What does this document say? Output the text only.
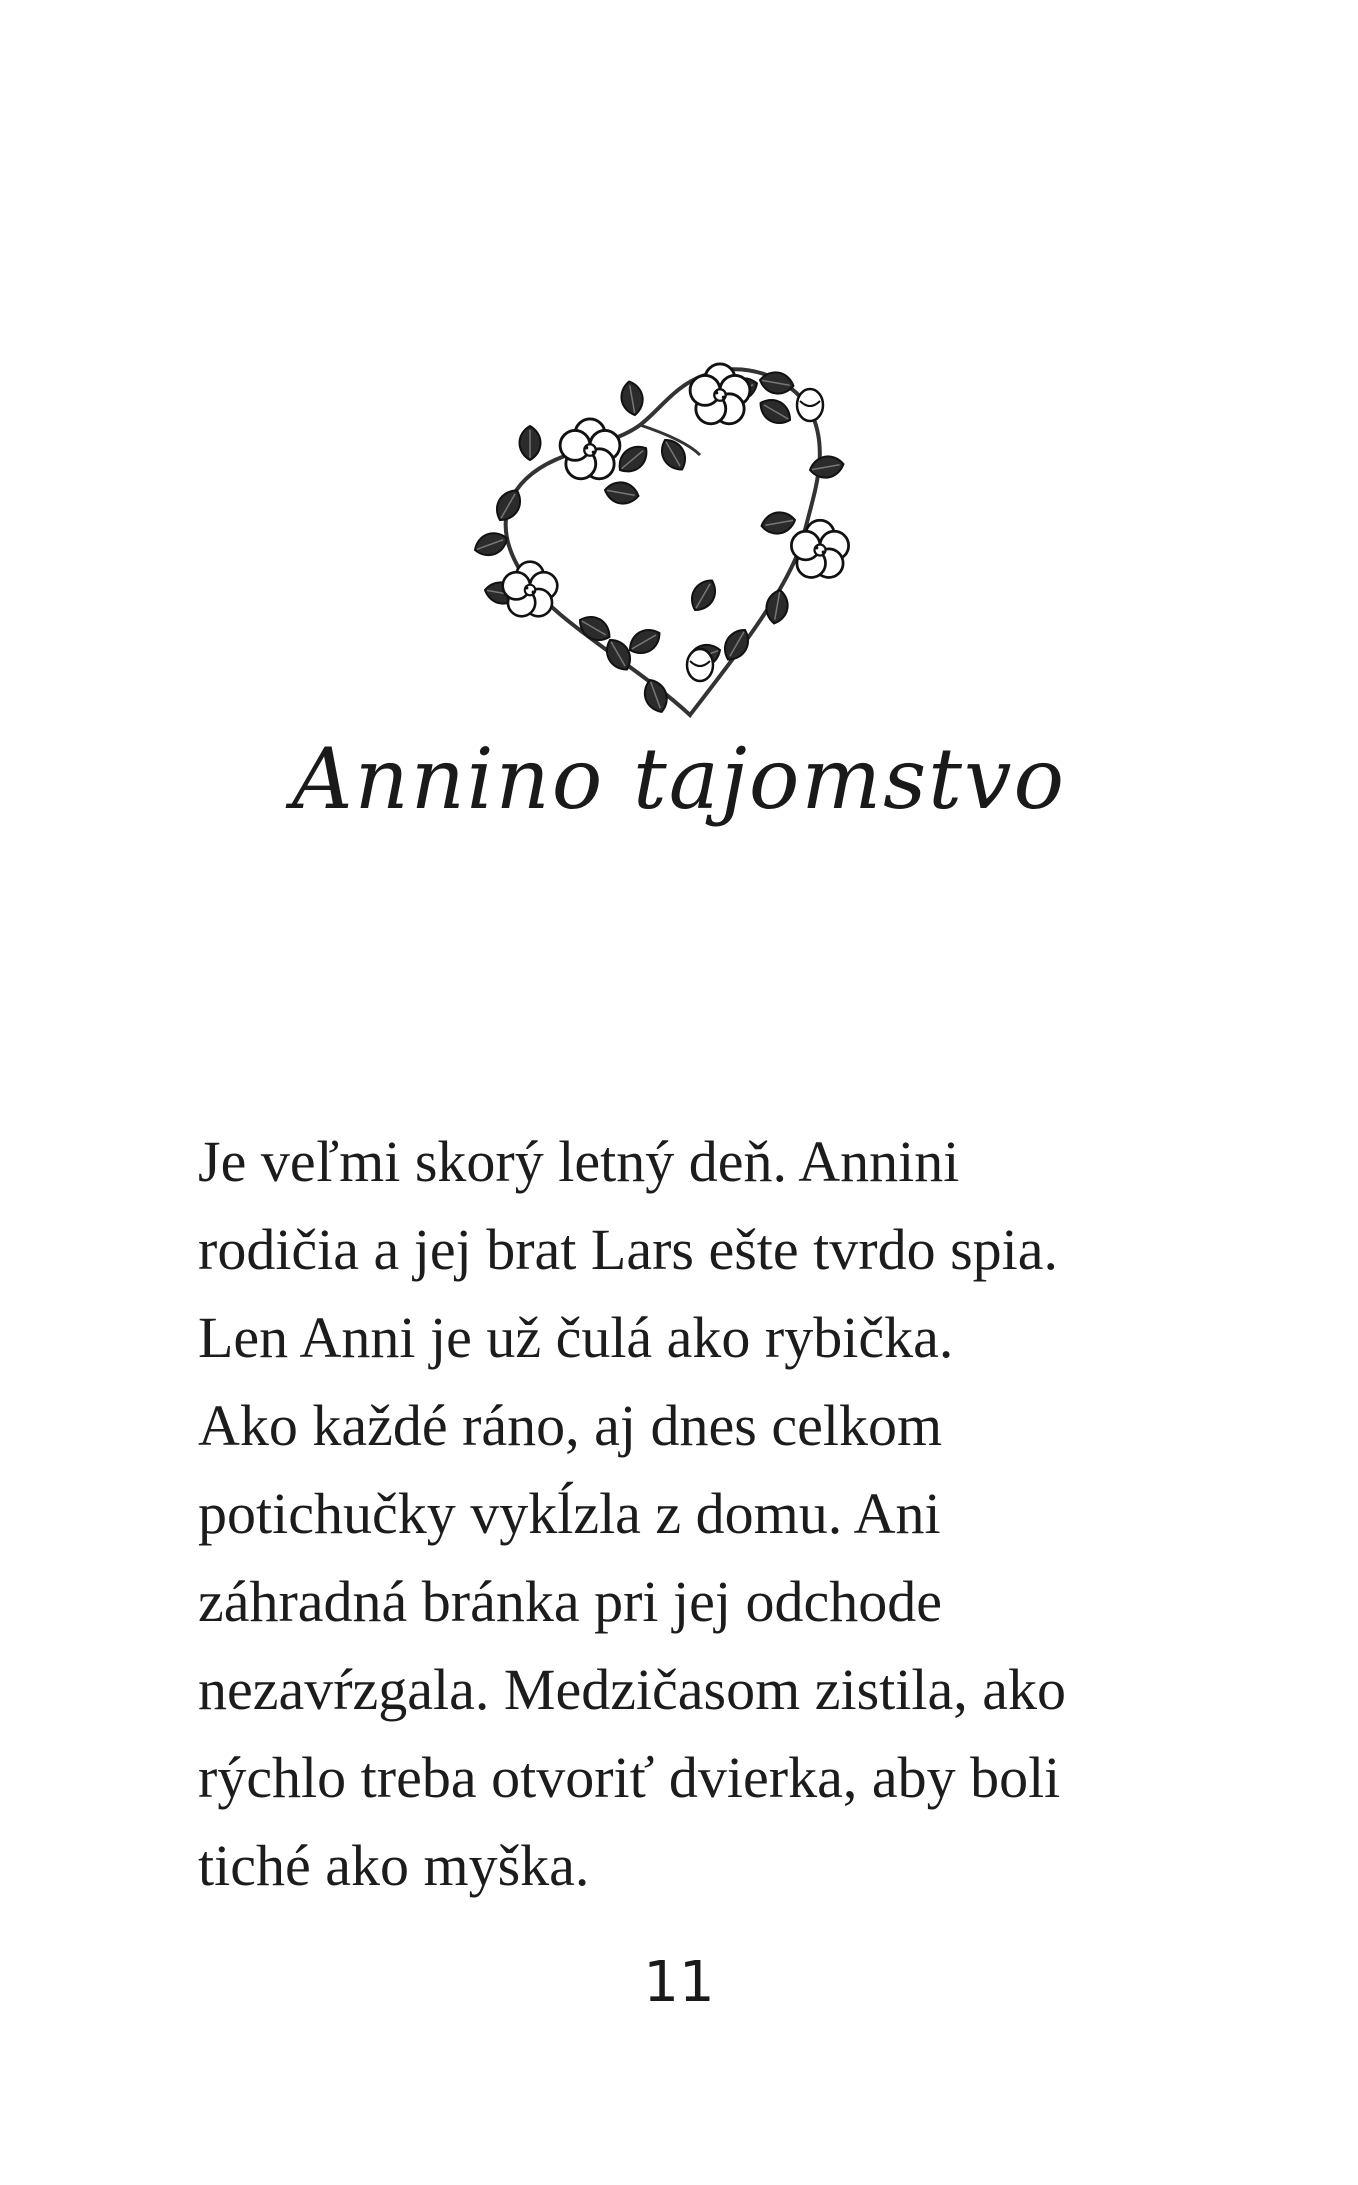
Annino tajomstvo

Je veľmi skorý letný deň. Annini
rodičia a jej brat Lars ešte tvrdo spia.
Len Anni je už čulá ako rybička.
Ako každé ráno, aj dnes celkom
potichučky vykĺzla z domu. Ani
záhradná bránka pri jej odchode
nezavŕzgala. Medzičasom zistila, ako
rýchlo treba otvoriť dvierka, aby boli
tiché ako myška.

11
